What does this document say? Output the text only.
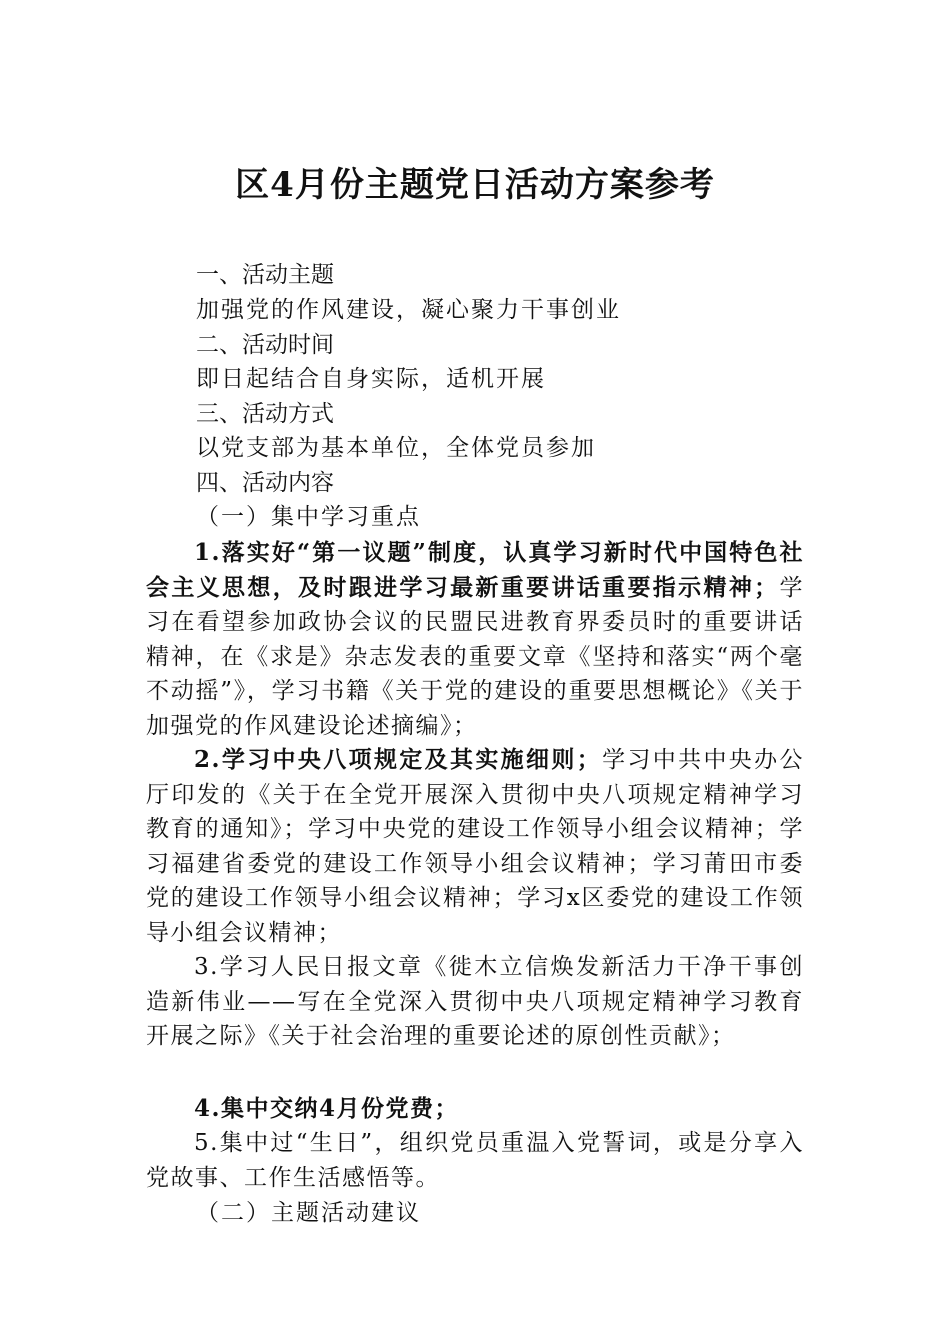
区4月份主题党日活动方案参考
一、活动主题
加强党的作风建设，凝心聚力干事创业
二、活动时间
即日起结合自身实际，适机开展
三、活动方式
以党支部为基本单位，全体党员参加
四、活动内容
（一）集中学习重点
1.落实好“第一议题”制度，认真学习新时代中国特色社会主义思想，及时跟进学习最新重要讲话重要指示精神；学习在看望参加政协会议的民盟民进教育界委员时的重要讲话精神，在《求是》杂志发表的重要文章《坚持和落实“两个毫不动摇”》，学习书籍《关于党的建设的重要思想概论》《关于加强党的作风建设论述摘编》；
2.学习中央八项规定及其实施细则；学习中共中央办公厅印发的《关于在全党开展深入贯彻中央八项规定精神学习教育的通知》；学习中央党的建设工作领导小组会议精神；学习福建省委党的建设工作领导小组会议精神；学习莆田市委党的建设工作领导小组会议精神；学习x区委党的建设工作领导小组会议精神；
3.学习人民日报文章《徙木立信焕发新活力干净干事创造新伟业——写在全党深入贯彻中央八项规定精神学习教育开展之际》《关于社会治理的重要论述的原创性贡献》；
4.集中交纳4月份党费；
5.集中过“生日”，组织党员重温入党誓词，或是分享入党故事、工作生活感悟等。
（二）主题活动建议
